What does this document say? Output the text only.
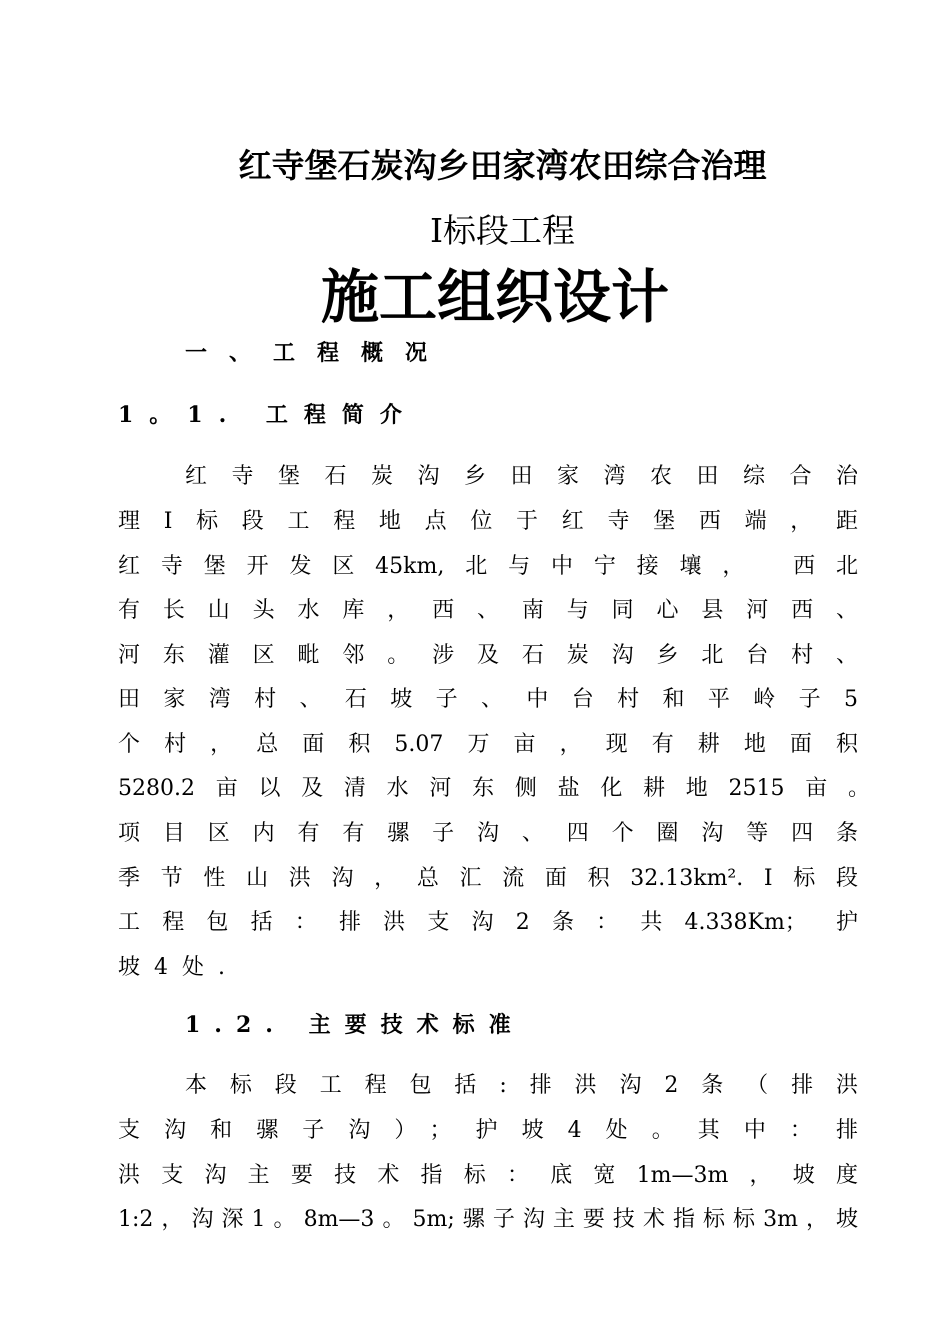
红寺堡石炭沟乡田家湾农田综合治理
Ⅰ标段工程
施工组织设计
一、工程概况
1。1. 工程简介
红寺堡石炭沟乡田家湾农田综合治
理Ⅰ标段工程地点位于红寺堡西端，距
红寺堡开发区45km,北与中宁接壤， 西北
有长山头水库，西、南与同心县河西、
河东灌区毗邻。涉及石炭沟乡北台村、
田家湾村、石坡子、中台村和平岭子5
个村，总面积5.07万亩，现有耕地面积
5280.2亩以及清水河东侧盐化耕地2515亩。
项目区内有有骡子沟、四个圈沟等四条
季节性山洪沟，总汇流面积32.13km².Ⅰ标段
工程包括：排洪支沟2条：共4.338Km； 护
坡4处.
1.2. 主要技术标准
本标段工程包括:排洪沟2条（排洪
支沟和骡子沟）；护坡4处。其中：排
洪支沟主要技术指标：底宽1m—3m，坡度
1:2，沟深1。8m—3。5m;骡子沟主要技术指标标3m，坡
